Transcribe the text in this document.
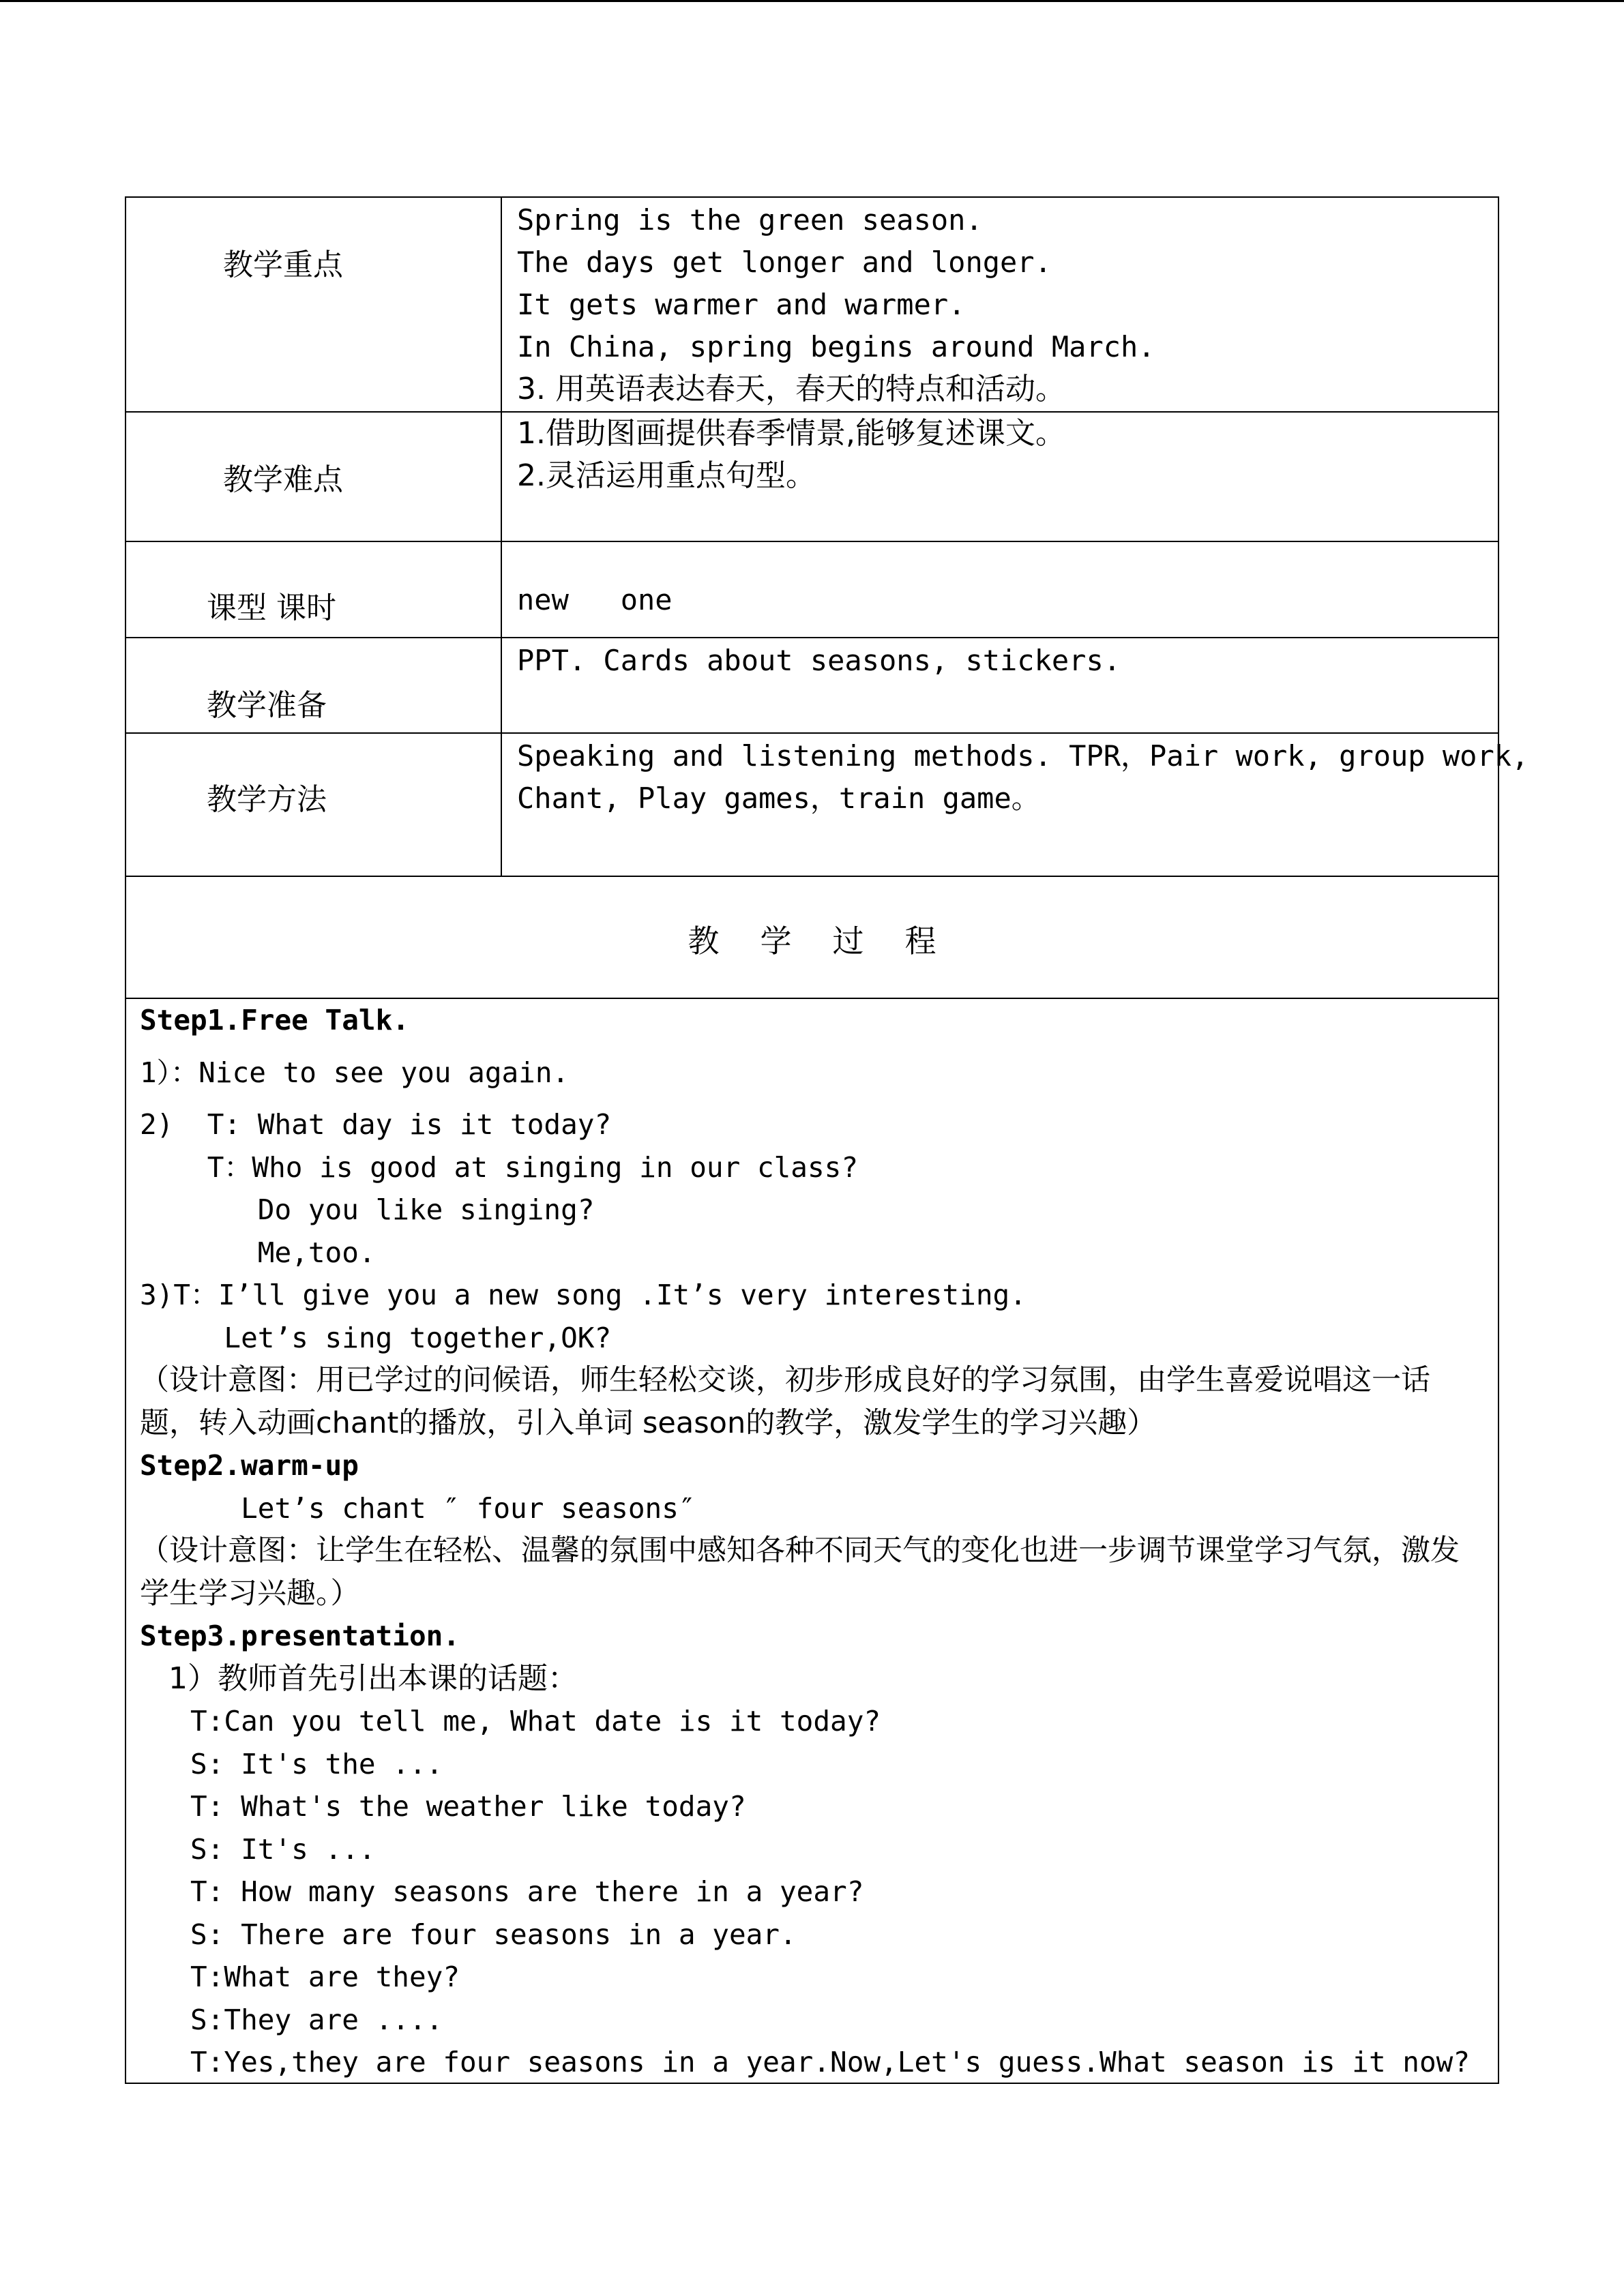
教学重点
Spring is the green season.
The days get longer and longer.
It gets warmer and warmer.
In China, spring begins around March.
3. 用英语表达春天，春天的特点和活动。
教学难点
1.借助图画提供春季情景,能够复述课文。
2.灵活运用重点句型。
课型 课时	new   one
教学准备
PPT. Cards about seasons, stickers.
教学方法
Speaking and listening methods. TPR，Pair work, group work,
Chant, Play games，train game。
教学过程
Step1.Free Talk.
1）：Nice to see you again.
2)  T: What day is it today?
T：Who is good at singing in our class?
Do you like singing?
Me,too.
3)T：I’ll give you a new song .It’s very interesting.
Let’s sing together,OK?
（设计意图：用已学过的问候语，师生轻松交谈，初步形成良好的学习氛围，由学生喜爱说唱这一话题，转入动画chant的播放，引入单词 season的教学，激发学生的学习兴趣）
Step2.warm-up
Let’s chant ″ four seasons″
（设计意图：让学生在轻松、温馨的氛围中感知各种不同天气的变化也进一步调节课堂学习气氛，激发学生学习兴趣。）
Step3.presentation.
1）教师首先引出本课的话题：
T:Can you tell me, What date is it today?
S: It's the ...
T: What's the weather like today?
S: It's ...
T: How many seasons are there in a year?
S: There are four seasons in a year.
T:What are they?
S:They are ....
T:Yes,they are four seasons in a year.Now,Let's guess.What season is it now?
